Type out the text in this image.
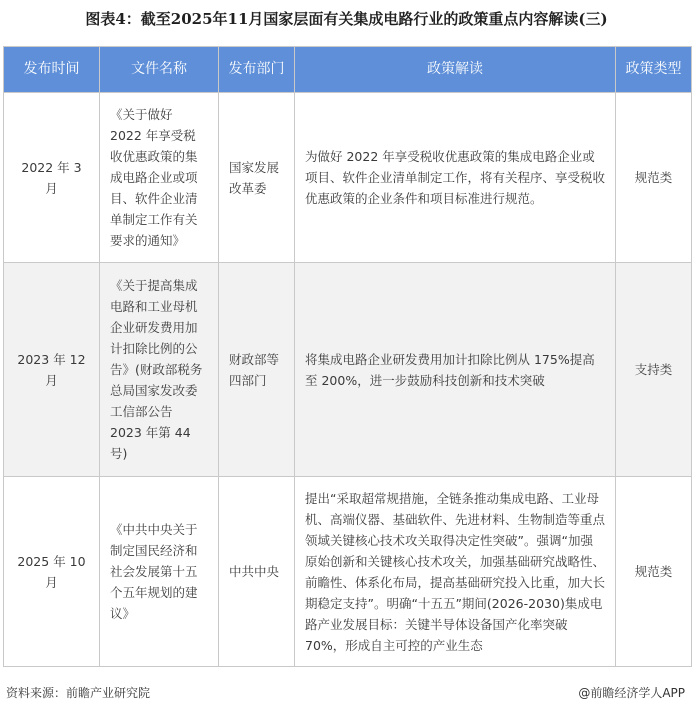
图表4：截至2025年11月国家层面有关集成电路行业的政策重点内容解读(三)
发布时间	文件名称	发布部门	政策解读	政策类型
2022 年 3 月	《关于做好 2022 年享受税收优惠政策的集成电路企业或项目、软件企业清单制定工作有关要求的通知》	国家发展改革委	为做好 2022 年享受税收优惠政策的集成电路企业或项目、软件企业清单制定工作，将有关程序、享受税收优惠政策的企业条件和项目标准进行规范。	规范类
2023 年 12 月	《关于提高集成电路和工业母机企业研发费用加计扣除比例的公告》(财政部税务总局国家发改委工信部公告 2023 年第 44 号)	财政部等四部门	将集成电路企业研发费用加计扣除比例从 175%提高至 200%，进一步鼓励科技创新和技术突破	支持类
2025 年 10 月	《中共中央关于制定国民经济和社会发展第十五个五年规划的建议》	中共中央	提出“采取超常规措施，全链条推动集成电路、工业母机、高端仪器、基础软件、先进材料、生物制造等重点领域关键核心技术攻关取得决定性突破”。强调“加强原始创新和关键核心技术攻关，加强基础研究战略性、前瞻性、体系化布局，提高基础研究投入比重，加大长期稳定支持”。明确“十五五”期间(2026-2030)集成电路产业发展目标：关键半导体设备国产化率突破 70%，形成自主可控的产业生态	规范类
资料来源：前瞻产业研究院	@前瞻经济学人APP
